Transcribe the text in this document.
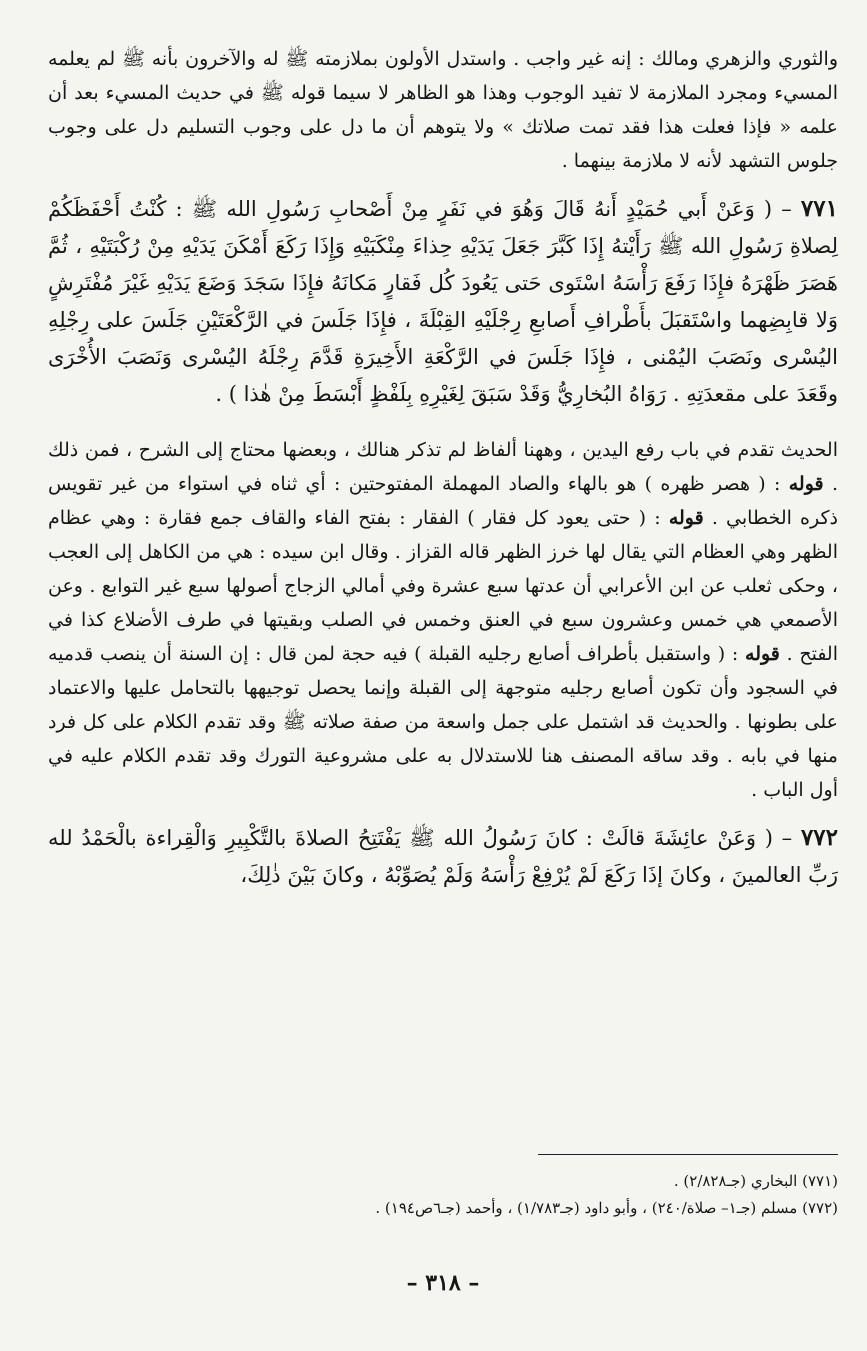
والثوري والزهري ومالك : إنه غير واجب . واستدل الأولون بملازمته ﷺ له والآخرون بأنه ﷺ لم يعلمه المسيء ومجرد الملازمة لا تفيد الوجوب وهذا هو الظاهر لا سيما قوله ﷺ في حديث المسيء بعد أن علمه « فإذا فعلت هذا فقد تمت صلاتك » ولا يتوهم أن ما دل على وجوب التسليم دل على وجوب جلوس التشهد لأنه لا ملازمة بينهما .
٧٧١ – ( وَعَنْ أَبي حُمَيْدٍ أَنهُ قَالَ وَهُوَ في نَفَرٍ مِنْ أَصْحابِ رَسُولِ الله ﷺ : كُنْتُ أَحْفَظَكُمْ لِصلاةِ رَسُولِ الله ﷺ رَأَيْتهُ إِذَا كَبَّرَ جَعَلَ يَدَيْهِ حِذاءَ مِنْكَبَيْهِ وَإِذَا رَكَعَ أَمْكَنَ يَدَيْهِ مِنْ رُكْبَتَيْهِ ، ثُمَّ هَصَرَ ظَهْرَهُ فإِذَا رَفَعَ رَأْسَهُ اسْتَوى حَتى يَعُودَ كُل فَقارٍ مَكانَهُ فإِذَا سَجَدَ وَضَعَ يَدَيْهِ غَيْرَ مُفْتَرِشٍ وَلا قابِضِهما واسْتَقبَلَ بأَطْرافِ أَصابعِ رِجْلَيْهِ القِبْلَةَ ، فإِذَا جَلَسَ في الرَّكْعَتَيْنِ جَلَسَ على رِجْلِهِ اليُسْرى ونَصَبَ اليُمْنى ، فإِذَا جَلَسَ في الرَّكْعَةِ الأَخِيرَةِ قَدَّمَ رِجْلَهُ اليُسْرى وَنَصَبَ الأُخْرَى وقَعَدَ على مقعدَتِهِ . رَوَاهُ البُخارِيُّ وَقَدْ سَبَقَ لِغَيْرِهِ بِلَفْظٍ أَبْسَطَ مِنْ هٰذا ) .
الحديث تقدم في باب رفع اليدين ، وههنا ألفاظ لم تذكر هنالك ، وبعضها محتاج إلى الشرح ، فمن ذلك . قوله : ( هصر ظهره ) هو بالهاء والصاد المهملة المفتوحتين : أي ثناه في استواء من غير تقويس ذكره الخطابي . قوله : ( حتى يعود كل فقار ) الفقار : بفتح الفاء والقاف جمع فقارة : وهي عظام الظهر وهي العظام التي يقال لها خرز الظهر قاله القزاز . وقال ابن سيده : هي من الكاهل إلى العجب ، وحكى ثعلب عن ابن الأعرابي أن عدتها سبع عشرة وفي أمالي الزجاج أصولها سبع غير التوابع . وعن الأصمعي هي خمس وعشرون سبع في العنق وخمس في الصلب وبقيتها في طرف الأضلاع كذا في الفتح . قوله : ( واستقبل بأطراف أصابع رجليه القبلة ) فيه حجة لمن قال : إن السنة أن ينصب قدميه في السجود وأن تكون أصابع رجليه متوجهة إلى القبلة وإنما يحصل توجيهها بالتحامل عليها والاعتماد على بطونها . والحديث قد اشتمل على جمل واسعة من صفة صلاته ﷺ وقد تقدم الكلام على كل فرد منها في بابه . وقد ساقه المصنف هنا للاستدلال به على مشروعية التورك وقد تقدم الكلام عليه في أول الباب .
٧٧٢ – ( وَعَنْ عائِشَةَ قالَتْ : كانَ رَسُولُ الله ﷺ يَفْتَتِحُ الصلاةَ بالتَّكْبِيرِ وَالْقِراءة بالْحَمْدُ لله رَبِّ العالمينَ ، وكانَ إذَا رَكَعَ لَمْ يُرْفِعْ رَأْسَهُ وَلَمْ يُصَوِّبْهُ ، وكانَ بَيْنَ ذٰلِكَ،
(٧٧١) البخاري (جـ٢/٨٢٨) .
(٧٧٢) مسلم (جـ١– صلاة/٢٤٠) ، وأبو داود (جـ١/٧٨٣) ، وأحمد (جـ٦ص١٩٤) .
– ٣١٨ –
